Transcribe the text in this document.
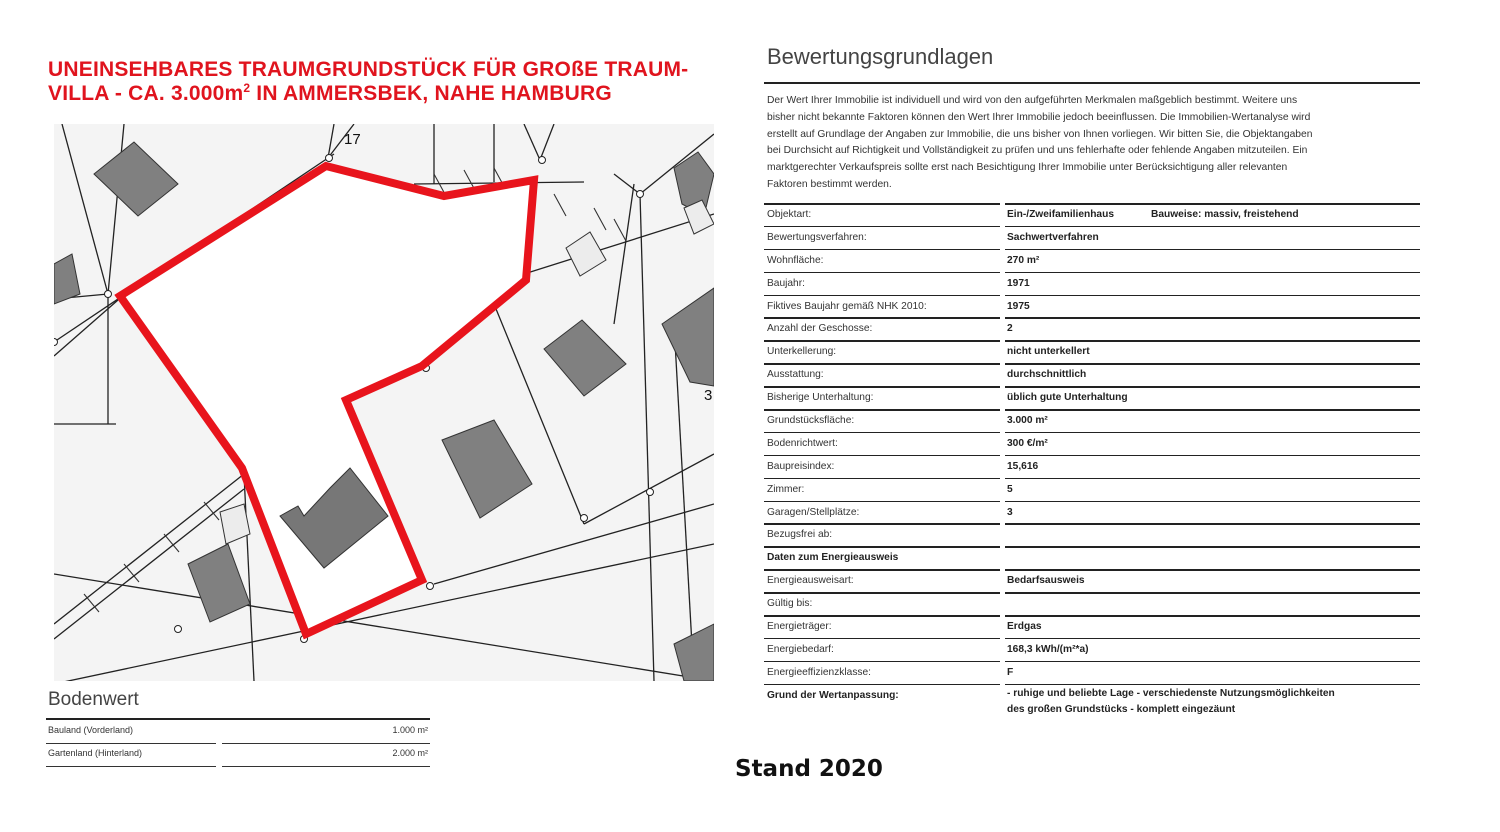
UNEINSEHBARES TRAUMGRUNDSTÜCK FÜR GROßE TRAUM-
VILLA - CA. $3.000m^2$ IN AMMERSBEK, NAHE HAMBURG
17
3
Bodenwert
Bauland (Vorderland)	1.000 m²
Gartenland (Hinterland)	2.000 m²
Bewertungsgrundlagen

Der Wert Ihrer Immobilie ist individuell und wird von den aufgeführten Merkmalen maßgeblich bestimmt. Weitere uns
bisher nicht bekannte Faktoren können den Wert Ihrer Immobilie jedoch beeinflussen. Die Immobilien-Wertanalyse wird
erstellt auf Grundlage der Angaben zur Immobilie, die uns bisher von Ihnen vorliegen. Wir bitten Sie, die Objektangaben
bei Durchsicht auf Richtigkeit und Vollständigkeit zu prüfen und uns fehlerhafte oder fehlende Angaben mitzuteilen. Ein
marktgerechter Verkaufspreis sollte erst nach Besichtigung Ihrer Immobilie unter Berücksichtigung aller relevanten
Faktoren bestimmt werden.

Objektart:	Ein-/Zweifamilienhaus	Bauweise: massiv, freistehend
Bewertungsverfahren:	Sachwertverfahren
Wohnfläche:	270 m²
Baujahr:	1971
Fiktives Baujahr gemäß NHK 2010:	1975
Anzahl der Geschosse:	2
Unterkellerung:	nicht unterkellert
Ausstattung:	durchschnittlich
Bisherige Unterhaltung:	üblich gute Unterhaltung
Grundstücksfläche:	3.000 m²
Bodenrichtwert:	300 €/m²
Baupreisindex:	15,616
Zimmer:	5
Garagen/Stellplätze:	3
Bezugsfrei ab:
Daten zum Energieausweis
Energieausweisart:	Bedarfsausweis
Gültig bis:
Energieträger:	Erdgas
Energiebedarf:	168,3 kWh/(m²*a)
Energieeffizienzklasse:	F
Grund der Wertanpassung:	- ruhige und beliebte Lage - verschiedenste Nutzungsmöglichkeiten
des großen Grundstücks - komplett eingezäunt

Stand 2020
